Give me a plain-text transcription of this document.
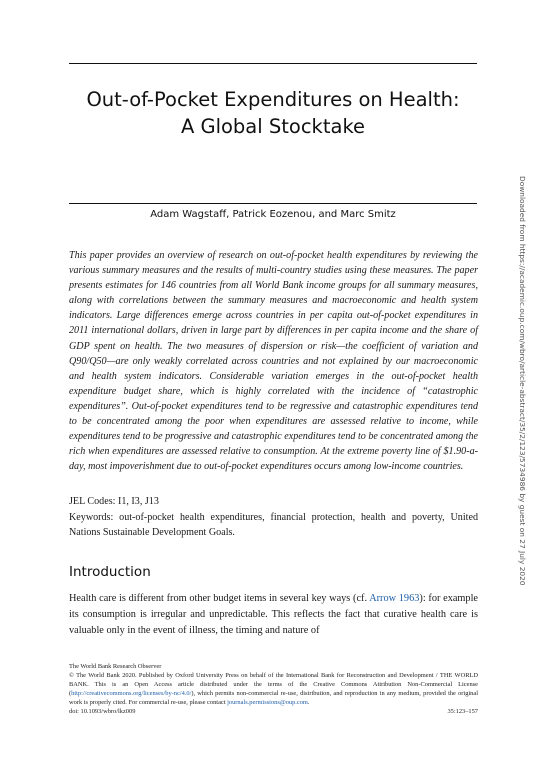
Out-of-Pocket Expenditures on Health:
A Global Stocktake
Adam Wagstaff, Patrick Eozenou, and Marc Smitz

This paper provides an overview of research on out-of-pocket health expenditures by reviewing the various summary measures and the results of multi-country studies using these measures. The paper presents estimates for 146 countries from all World Bank income groups for all summary measures, along with correlations between the summary measures and macroeconomic and health system indicators. Large differences emerge across countries in per capita out-of-pocket expenditures in 2011 international dollars, driven in large part by differences in per capita income and the share of GDP spent on health. The two measures of dispersion or risk—the coefficient of variation and Q90/Q50—are only weakly correlated across countries and not explained by our macroeconomic and health system indicators. Considerable variation emerges in the out-of-pocket health expenditure budget share, which is highly correlated with the incidence of “catastrophic expenditures”. Out-of-pocket expenditures tend to be regressive and catastrophic expenditures tend to be concentrated among the poor when expenditures are assessed relative to income, while expenditures tend to be progressive and catastrophic expenditures tend to be concentrated among the rich when expenditures are assessed relative to consumption. At the extreme poverty line of $1.90-a-day, most impoverishment due to out-of-pocket expenditures occurs among low-income countries.

JEL Codes: I1, I3, J13
Keywords: out-of-pocket health expenditures, financial protection, health and poverty, United Nations Sustainable Development Goals.
Introduction

Health care is different from other budget items in several key ways (cf. Arrow 1963): for example its consumption is irregular and unpredictable. This reflects the fact that curative health care is valuable only in the event of illness, the timing and nature of

The World Bank Research Observer
© The World Bank 2020. Published by Oxford University Press on behalf of the International Bank for Reconstruction and Development / THE WORLD BANK. This is an Open Access article distributed under the terms of the Creative Commons Attribution Non-Commercial License (http://creativecommons.org/licenses/by-nc/4.0/), which permits non-commercial re-use, distribution, and reproduction in any medium, provided the original work is properly cited. For commercial re-use, please contact journals.permissions@oup.com.
doi: 10.1093/wbro/lkz009	35:123–157
Downloaded from https://academic.oup.com/wbro/article-abstract/35/2/123/5734986 by guest on 27 July 2020
